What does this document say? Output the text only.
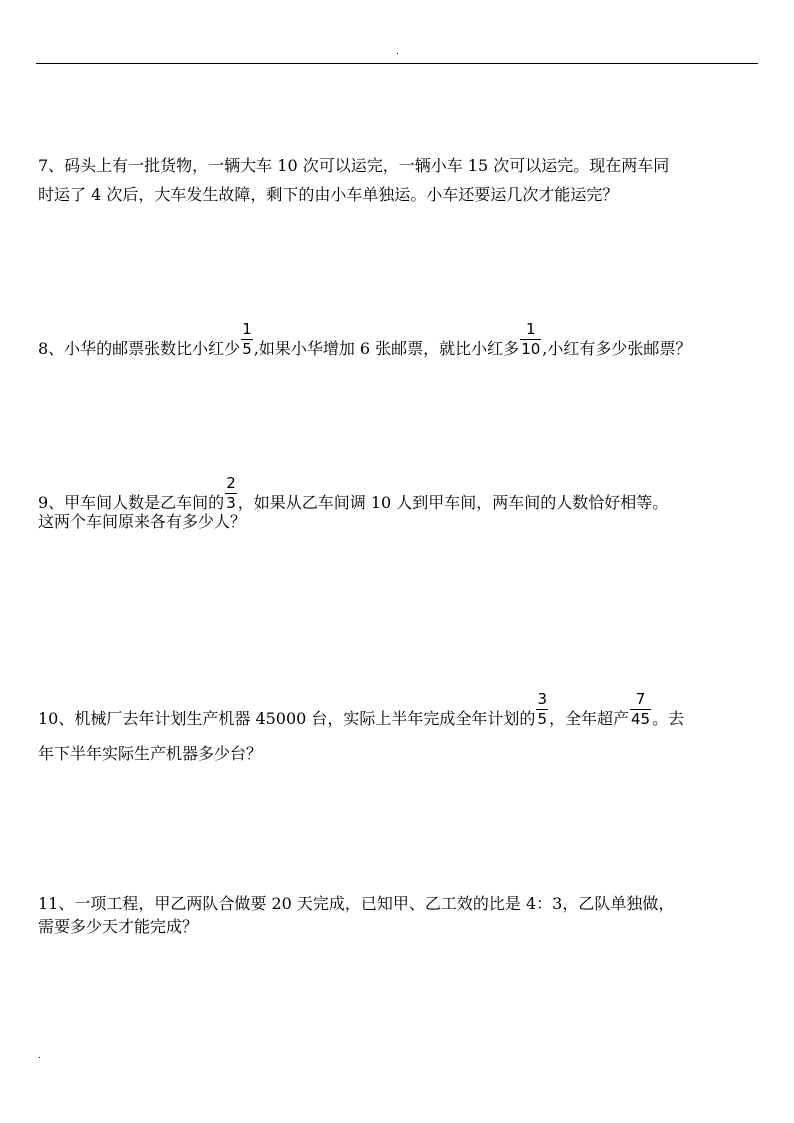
.
7、码头上有一批货物，一辆大车 10 次可以运完，一辆小车 15 次可以运完。现在两车同
时运了 4 次后，大车发生故障，剩下的由小车单独运。小车还要运几次才能运完？
8、小华的邮票张数比小红少 $\frac{1}{5}$ ,如果小华增加 6 张邮票，就比小红多 $\frac{1}{10}$ ,小红有多少张邮票？
9、甲车间人数是乙车间的 $\frac{2}{3}$ ，如果从乙车间调 10 人到甲车间，两车间的人数恰好相等。
这两个车间原来各有多少人？
10、机械厂去年计划生产机器 45000 台，实际上半年完成全年计划的 $\frac{3}{5}$ ，全年超产 $\frac{7}{45}$ 。去
年下半年实际生产机器多少台？
11、一项工程，甲乙两队合做要 20 天完成，已知甲、乙工效的比是 4：3，乙队单独做，
需要多少天才能完成？
.
